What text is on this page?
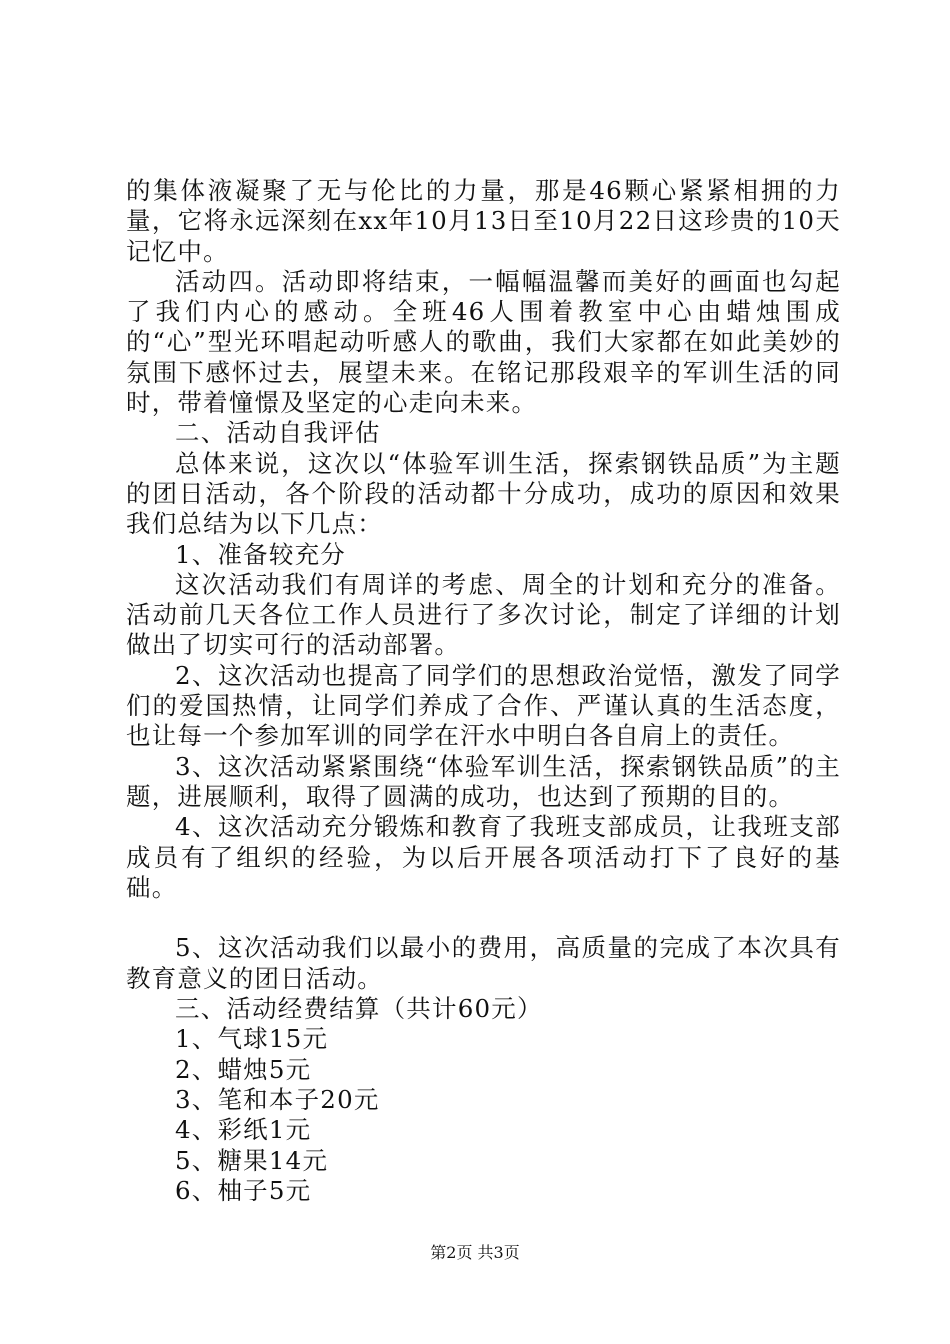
的集体液凝聚了无与伦比的力量，那是46颗心紧紧相拥的力量，它将永远深刻在xx年10月13日至10月22日这珍贵的10天记忆中。

活动四。活动即将结束，一幅幅温馨而美好的画面也勾起了我们内心的感动。全班46人围着教室中心由蜡烛围成的“心”型光环唱起动听感人的歌曲，我们大家都在如此美妙的氛围下感怀过去，展望未来。在铭记那段艰辛的军训生活的同时，带着憧憬及坚定的心走向未来。

二、活动自我评估

总体来说，这次以“体验军训生活，探索钢铁品质”为主题的团日活动，各个阶段的活动都十分成功，成功的原因和效果我们总结为以下几点：

1、准备较充分

这次活动我们有周详的考虑、周全的计划和充分的准备。活动前几天各位工作人员进行了多次讨论，制定了详细的计划做出了切实可行的活动部署。

2、这次活动也提高了同学们的思想政治觉悟，激发了同学们的爱国热情，让同学们养成了合作、严谨认真的生活态度，也让每一个参加军训的同学在汗水中明白各自肩上的责任。

3、这次活动紧紧围绕“体验军训生活，探索钢铁品质”的主题，进展顺利，取得了圆满的成功，也达到了预期的目的。

4、这次活动充分锻炼和教育了我班支部成员，让我班支部成员有了组织的经验，为以后开展各项活动打下了良好的基础。

5、这次活动我们以最小的费用，高质量的完成了本次具有教育意义的团日活动。

三、活动经费结算（共计60元）

1、气球15元

2、蜡烛5元

3、笔和本子20元

4、彩纸1元

5、糖果14元

6、柚子5元

第2页 共3页
